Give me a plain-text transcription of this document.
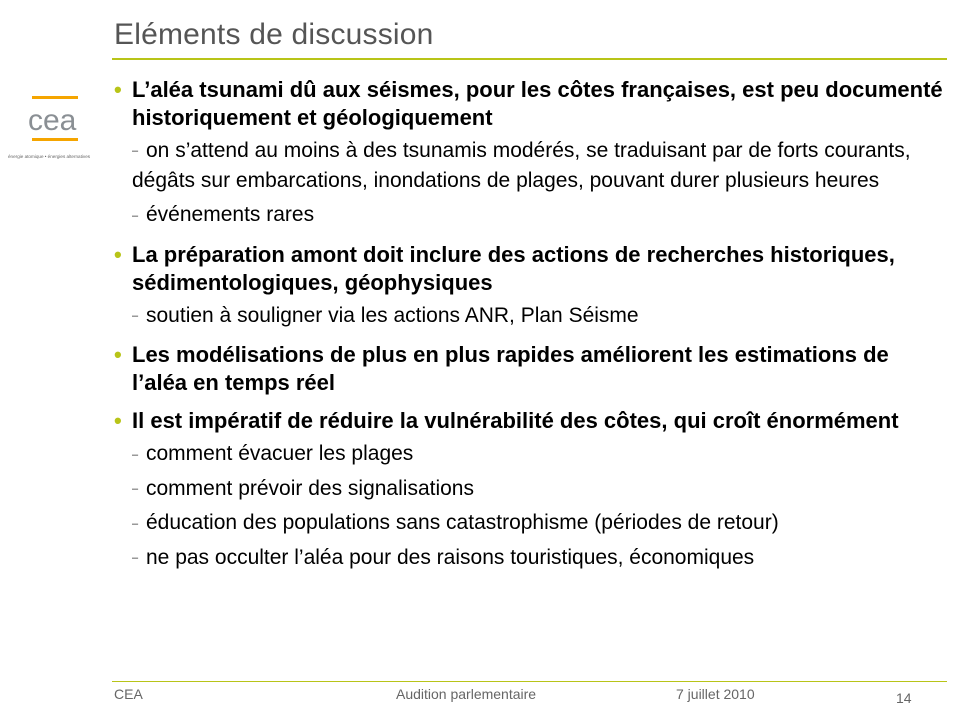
Eléments de discussion
cea
énergie atomique • énergies alternatives
• L’aléa tsunami dû aux séismes, pour les côtes françaises, est peu documenté historiquement et géologiquement
– on s’attend au moins à des tsunamis modérés, se traduisant par de forts courants, dégâts sur embarcations, inondations de plages, pouvant durer plusieurs heures
– événements rares
• La préparation amont doit inclure des actions de recherches historiques, sédimentologiques, géophysiques
– soutien à souligner via les actions ANR, Plan Séisme
• Les modélisations de plus en plus rapides améliorent les estimations de l’aléa en temps réel
• Il est impératif de réduire la vulnérabilité des côtes, qui croît énormément
– comment évacuer les plages
– comment prévoir des signalisations
– éducation des populations sans catastrophisme (périodes de retour)
– ne pas occulter l’aléa pour des raisons touristiques, économiques
CEA	Audition parlementaire	7 juillet 2010	14
